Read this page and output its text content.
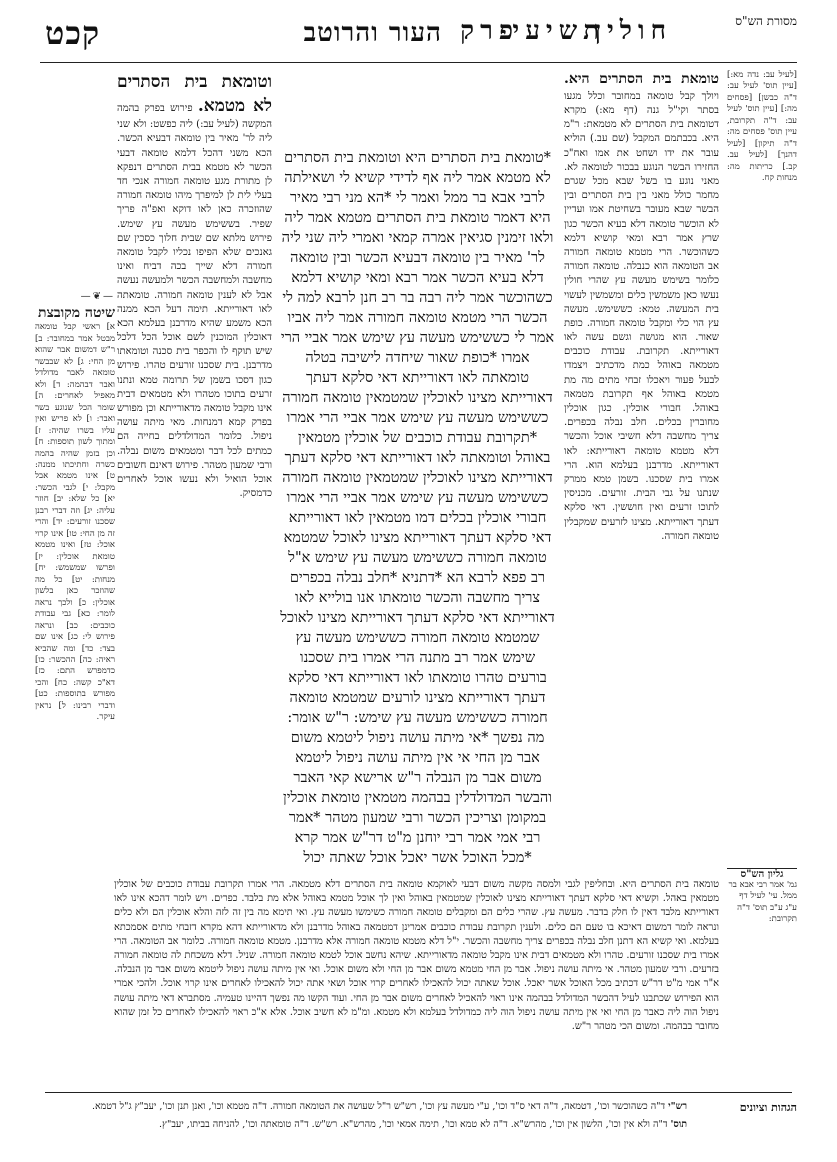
מסורת הש"ס
העור והרוטב פרק
תשיעי
חולין
קכט
[לעיל עב: נדה מא:] [עיין תוס' לעיל עב: ד"ה כבשן] [פסחים מה:] [עיין תוס' לעיל עב: ד"ה תקרובת, עיין תוס' פסחים מה: ד"ה תיקון] [לעיל דהנך] [לעיל עב. קב.] כריתות מה: מנחות קח.
טומאת בית הסתרים היא. ויולך קבל טומאה במחובר וכלל מגעו בסתר וקי"ל גנה (דף מא:) מקרא דטומאת בית הסתרים לא מטמאת: ר"מ היא. בכבתמם המקבל (שם עב.) הוליא עובר את ידו ושחט את אמו ואח"כ החזירו הבשר הנוגע בבכור לטומאה לא. מאני נוגע בו בשל שבא מכל שגרם מחמר כולל מאני בין בית הסתרים ובין הבשר שבא מעובר בשחיטת אמו ועדיין לא הוכשר טומאה דלא בעיא הכשר כגון שרץ אמר רבא ומאי קושיא דלמא כשהוכשר. הרי מטמא טומאה חמורה אב הטומאה הוא כנבלה. טומאה חמורה כלומר בשימש מעשה עץ שהרי חולין נעשו כאן משמשין כלים ומשמשין לעשוי בית המעשה. טמא: כששימש. מעשה עץ הוי כלי ומקבל טומאה חמורה. כופת שאור. הוא מגושה וגשם עשה לאו דאורייתא. תקרובת. עבודת כוכבים מטמאה באוהל כמת מדכתיב ויצמדו לבעל פעור ויאכלו זבחי מתים מה מת מטמא באוהל אף תקרובת מטמאה באוהל. חבורי אוכלין. כגון אוכלין מחוברין בכלים. חלב נבלה בכפרים. צריך מחשבה דלא חשיבי אוכל והכשר דלא מטמא טומאה דאורייתא: לאו דאורייתא. מדרבנן בעלמא הוא. הרי אמרו בית שסכנו. בשמן טמא ממרק שנתנו על גבי הבית. זורעים. מכניסין לתוכו זרעים ואין חוששין. דאי סלקא דעתך דאורייתא. מצינו לזרעים שמקבלין טומאה חמורה.
*טומאת בית הסתרים היא וטומאת בית הסתרים לא מטמא אמר ליה אף לדידי קשיא לי ושאילתה לרבי אבא בר ממל ואמר לי *הא מני רבי מאיר היא דאמר טומאת בית הסתרים מטמא אמר ליה ולאו זימנין סגיאין אמרה קמאי ואמרי ליה שני ליה לר' מאיר בין טומאה דבעיא הכשר ובין טומאה דלא בעיא הכשר אמר רבא ומאי קושיא דלמא כשהוכשר אמר ליה רבה בר רב חנן לרבא למה לי הכשר הרי מטמא טומאה חמורה אמר ליה אביו אמר לי כששימש מעשה עץ שימש אמר אביי הרי אמרו *כופת שאור שיחדה לישיבה בטלה טומאתה לאו דאורייתא דאי סלקא דעתך דאורייתא מצינו לאוכלין שמטמאין טומאה חמורה כששימש מעשה עץ שימש אמר אביי הרי אמרו *תקרובת עבודת כוכבים של אוכלין מטמאין באוהל וטומאתה לאו דאורייתא דאי סלקא דעתך דאורייתא מצינו לאוכלין שמטמאין טומאה חמורה כששימש מעשה עץ שימש אמר אביי הרי אמרו חבורי אוכלין בכלים דמו מטמאין לאו דאורייתא דאי סלקא דעתך דאורייתא מצינו לאוכל שמטמא טומאה חמורה כששימש מעשה עץ שימש א"ל רב פפא לרבא הא *דתניא *חלב נבלה בכפרים צריך מחשבה והכשר טומאתו אנו בולייא לאו דאורייתא דאי סלקא דעתך דאורייתא מצינו לאוכל שמטמא טומאה חמורה כששימש מעשה עץ שימש אמר רב מתנה הרי אמרו בית שסכנו בורעים טהרו טומאתו לאו דאורייתא דאי סלקא דעתך דאורייתא מצינו לורעים שמטמא טומאה חמורה כששימש מעשה עץ שימש: ר"ש אומר: מה נפשך *אי מיתה עושה ניפול ליטמא משום אבר מן החי אי אין מיתה עושה ניפול ליטמא משום אבר מן הנבלה ר"ש ארישא קאי האבר והבשר המדולדלין בבהמה מטמאין טומאת אוכלין במקומן וצריכין הכשר ורבי שמעון מטהר *אמר רבי אמי אמר רבי יוחנן מ"ט דר"ש אמר קרא *מכל האוכל אשר יאכל אוכל שאתה יכול
וטומאת בית הסתרים לא מטמא. פירוש בפרק בהמה המקשה (לעיל עב:) ליה כפשט: ולא שני ליה לר' מאיר בין טומאה דבעיא הכשר. הכא משני דהכל דלמא טומאה דבעי הכשר לא מטמא בבית הסתרים דנפקא לן מתורת מגע טומאה חמורה אנכי חד בעלי לית לן למיפרך מיהו טומאה חמורה שהוזכרה כאן לאו דוקא ואפ"ה פריך שפיר. בששימש מעשה עץ שימש. פירוש מלתא שם שבית חלוך כסכין שם גאנכים שלא הפיפו נכליו לקבל טומאה חמורה דלא שייך בכה דביח ואינו מחשבה ולמחשבה הכשר ולמעשה נעשה אבל לא לענין טומאה חמורה. טומאתה לאו דאורייתא. תימה דעל הכא ממנה הכא משמע שהיא מדרבנן בעלמא הכא דאוכלין המוכנין לשם אוכל הכל דלכל שיש תוקף לו והכפר בית סכנה וטומאתו מדרבנן. בית שסכנו זורעים טהרו. פירוש כגון דסכו בשמן של תרומה טמא ונתנו זרעים בתוכו מטהרו ולא מטמאים דבית אינו מקבל טומאה מדאורייתא וכן מפורש בפרק קמא דמנחות. מאי מיתה עושה ניפול. כלומר המדולדלים בחייה הם כמתים לכל דבר ומטמאים משום נבלה. ורבי שמעון מטהר. פירוש דאינם חשובים אוכל הואיל ולא נעשו אוכל לאחרים כדמסיק.
—❦—
שיטה מקובצת
א] ראשי קבל טומאה מבטל אמר במחובר: ב] ר"ש דמשום אבר שהוא מן החי: ג] לא שבבשר טומאה לאבר מדולדל ואבר דבהמה: ד] ולא מאפיל לאחרים: ה] שומר הכל שנוגע בשר ואבר: ו] לא פריש ואין עליו בשרו שהיה: ז] ומתוך לשון תוספות: ח] וכן בזמן שהיה בהמה כשרה וחתיכתו ממנה: ט] אינו מטמא אבל מקבל: י] לגבי הכשר: יא] כל שלא: יב] חוזר עליה: יג] וזה דברי רבנן שסכנו זורעים: יד] והרי זה מן החי: טו] אינו קרוי אוכל: טז] ואינו מטמא טומאת אוכלין: יז] ופרשו שמשמש: יח] מנחות: יט] כל מה שהוזכר כאן בלשון אוכלין: כ] ולכך נראה לומר: כא] גבי עבודת כוכבים: כב] ונראה פירוש לי: כג] אינו שם בצד: כד] ומה שהביא ראיה: כה] ההכשר: כו] כדמפרש התם: כז] דא"כ קשה: כח] והכי מפורש בתוספות: כט] ודברי רבינו: ל] נראין עיקר.
גליון הש"ס
גמ' אמר רבי אבא בר ממל. עי' לעיל דף ע"ג ע"ב תוס' ד"ה תקרובת:
טומאה בית הסתרים היא. ובחליפין לגבי ולמסה מקשה משום דבעי לאוקמא טומאה בית הסתרים דלא מטמאה. הרי אמרו תקרובת עבודת כוכבים של אוכלין מטמאין באהל. וקשיא דאי סלקא דעתך דאורייתא מצינו לאוכלין שמטמאין באוהל ואין לך אוכל מטמא באוהל אלא מת בלבד. כפרים. ויש לומר דהכא אינו לאו דאורייתא מלבד דאין לו חלק בדבר. מעשה עץ. שהרי כלים הם ומקבלים טומאה חמורה כשימשו מעשה עץ. ואי תימא מה בין זה לזה והלא אוכלין הם ולא כלים ונראה לומר דמשום דאיכא בו טעם הם כלים. ולענין תקרובת עבודת כוכבים אמרינן דמטמאה באוהל מדרבנן ולא מדאורייתא דהא מקרא דזבחי מתים אסמכתא בעלמא. ואי קשיא הא דתנן חלב נבלה בכפרים צריך מחשבה והכשר. י"ל דלא מטמא טומאה חמורה אלא מדרבנן. מטמא טומאה חמורה. כלומר אב הטומאה. הרי אמרו בית שסכנו זורעים. טהרו ולא מטמאים דבית אינו מקבל טומאה מדאורייתא. שיהא נחשב אוכל לטמא טומאה חמורה. שניל. דלא משכחת לה טומאה חמורה בזרעים. ורבי שמעון מטהר. אי מיתה עושה ניפול. אבר מן החי מטמא משום אבר מן החי ולא משום אוכל. ואי אין מיתה עושה ניפול ליטמא משום אבר מן הנבלה. א"ר אמי מ"ט דר"ש דכתיב מכל האוכל אשר יאכל. אוכל שאתה יכול להאכילו לאחרים קרוי אוכל ושאי אתה יכול להאכילו לאחרים אינו קרוי אוכל. ולהכי אמרי הוא הפירוש שכתבנו לעיל דהבשר המדולדל בבהמה אינו ראוי להאכיל לאחרים משום אבר מן החי. ועוד הקשו מה נפשך דהיינו טעמיה. מסתברא דאי מיתה עושה ניפול הוה ליה כאבר מן החי ואי אין מיתה עושה ניפול הוה ליה כמדולדל בעלמא ולא מטמא. ומ"מ לא חשיב אוכל. אלא א"כ ראוי להאכילו לאחרים כל זמן שהוא מחובר בבהמה. ומשום הכי מטהר ר"ש.
הגהות וציונים
רש"י ד"ה כשהוכשר וכו', דטמאה, ד"ה דאי ס"ד וכו', ע"י מעשה עץ וכו', רש"ש ר"ל שעושה את הטומאה חמורה. ד"ה מטמא וכו', ואנן תנן וכו', יעב"ץ ג"ל דטמא.
תוס' ד"ה ולא אין וכו', הלשון אין וכו', מהרש"א. ד"ה לא טמא וכו', תימה אמאי וכו', מהרש"א. רש"ש. ד"ה טומאתה וכו', להניחה בביתו, יעב"ץ.
